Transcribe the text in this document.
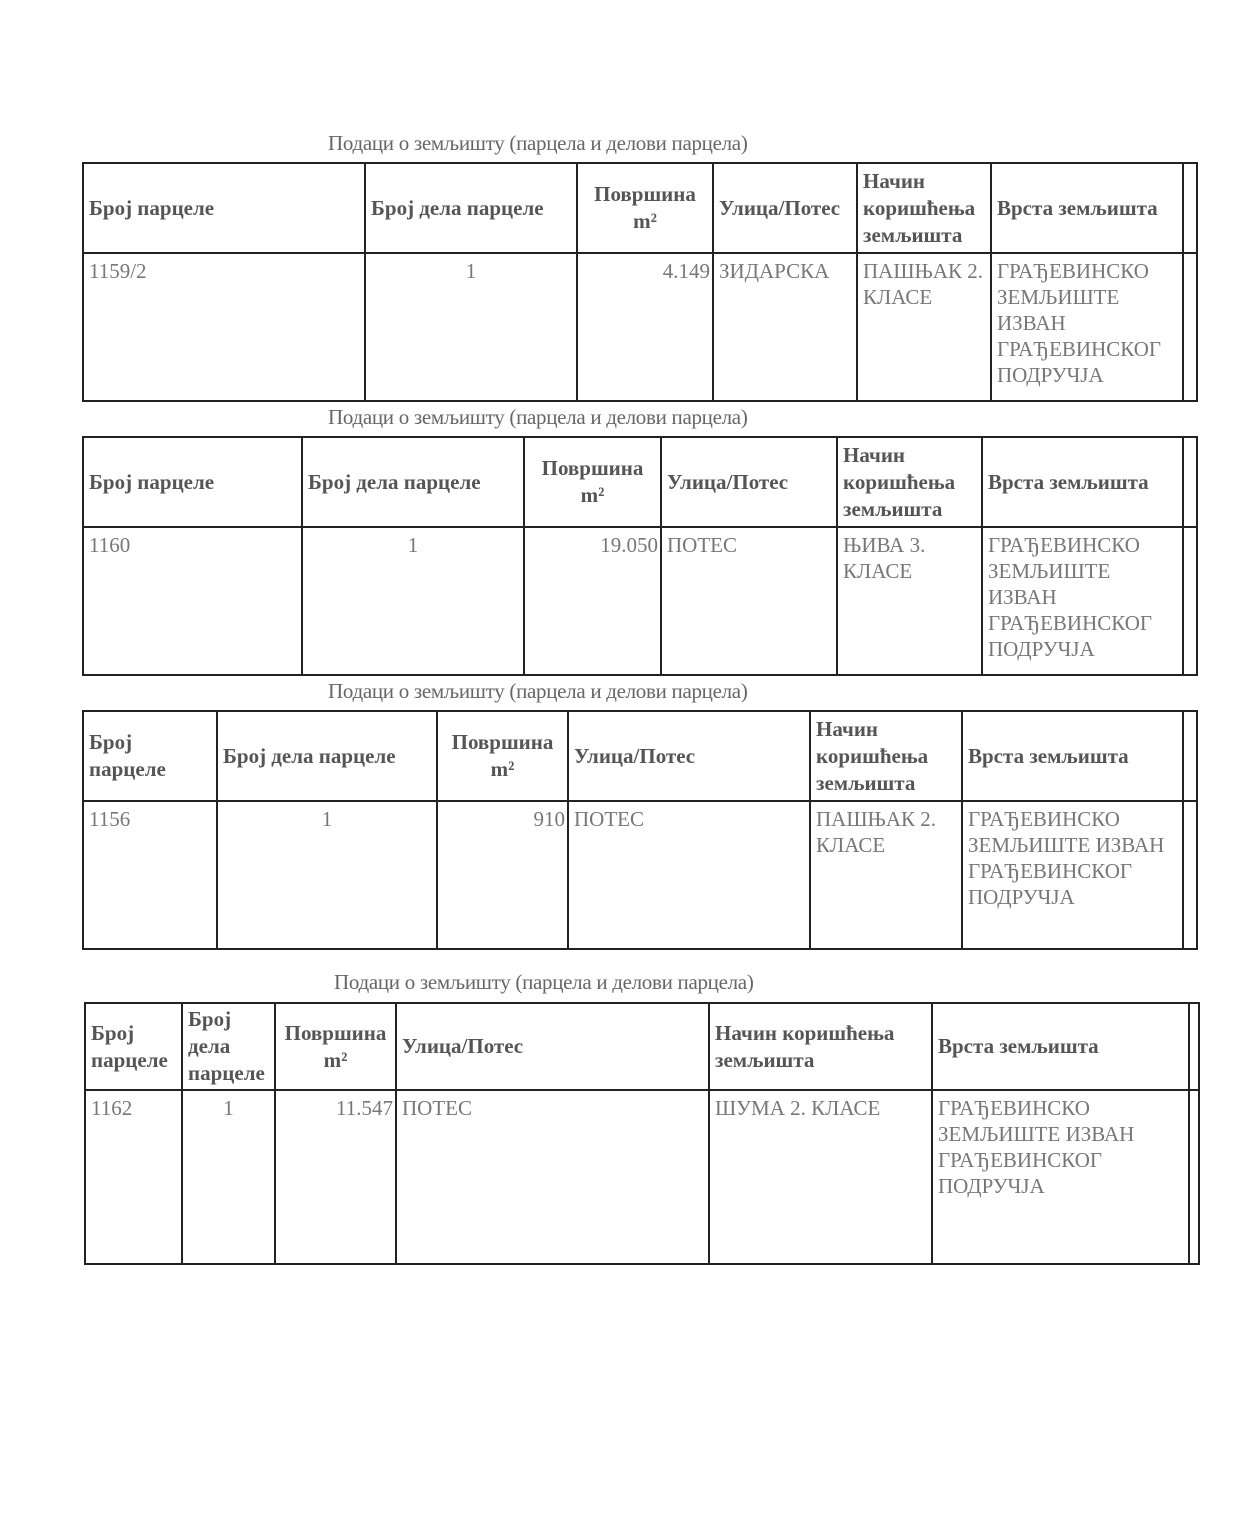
Подаци о земљишту (парцела и делови парцела)
Број парцеле	Број дела парцеле	Површина m²	Улица/Потес	Начин коришћења земљишта	Врста земљишта	
1159/2	1	4.149	ЗИДАРСКА	ПАШЊАК 2. КЛАСЕ	ГРАЂЕВИНСКО ЗЕМЉИШТЕ ИЗВАН ГРАЂЕВИНСКОГ ПОДРУЧЈА	
Подаци о земљишту (парцела и делови парцела)
Број парцеле	Број дела парцеле	Површина m²	Улица/Потес	Начин коришћења земљишта	Врста земљишта	
1160	1	19.050	ПОТЕС	ЊИВА 3. КЛАСЕ	ГРАЂЕВИНСКО ЗЕМЉИШТЕ ИЗВАН ГРАЂЕВИНСКОГ ПОДРУЧЈА	
Подаци о земљишту (парцела и делови парцела)
Број парцеле	Број дела парцеле	Површина m²	Улица/Потес	Начин коришћења земљишта	Врста земљишта	
1156	1	910	ПОТЕС	ПАШЊАК 2. КЛАСЕ	ГРАЂЕВИНСКО ЗЕМЉИШТЕ ИЗВАН ГРАЂЕВИНСКОГ ПОДРУЧЈА	
Подаци о земљишту (парцела и делови парцела)
Број парцеле	Број дела парцеле	Површина m²	Улица/Потес	Начин коришћења земљишта	Врста земљишта	
1162	1	11.547	ПОТЕС	ШУМА 2. КЛАСЕ	ГРАЂЕВИНСКО ЗЕМЉИШТЕ ИЗВАН ГРАЂЕВИНСКОГ ПОДРУЧЈА	
